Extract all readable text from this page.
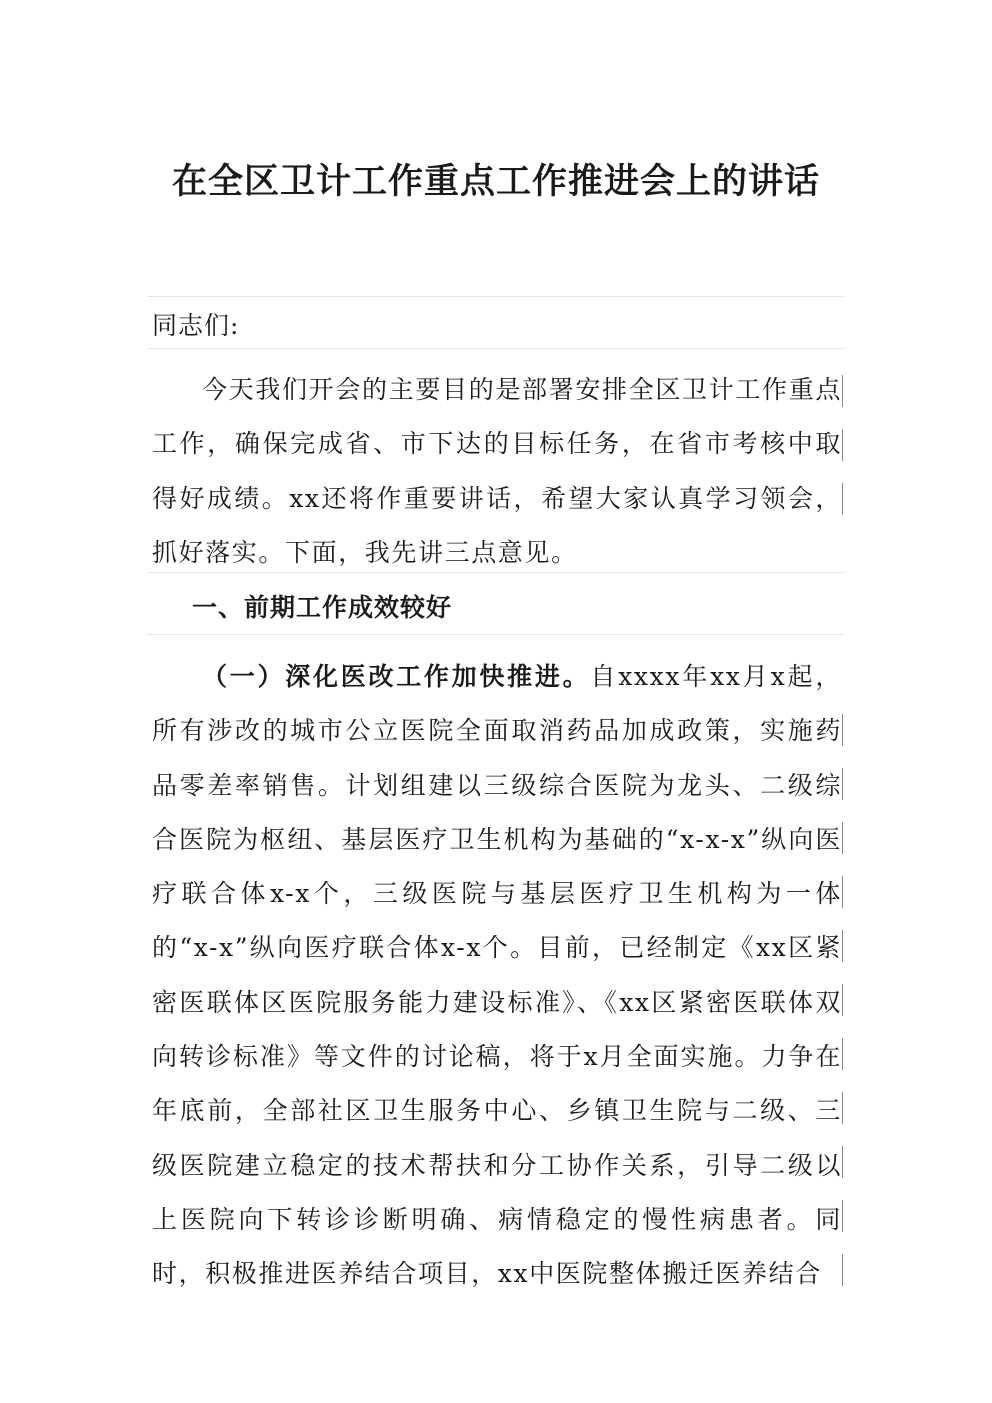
在全区卫计工作重点工作推进会上的讲话
同志们:

今天我们开会的主要目的是部署安排全区卫计工作重点工作，确保完成省、市下达的目标任务，在省市考核中取得好成绩。xx还将作重要讲话，希望大家认真学习领会，抓好落实。下面，我先讲三点意见。

一、前期工作成效较好

（一）深化医改工作加快推进。自xxxx年xx月x起，所有涉改的城市公立医院全面取消药品加成政策，实施药品零差率销售。计划组建以三级综合医院为龙头、二级综合医院为枢纽、基层医疗卫生机构为基础的“x-x-x”纵向医疗联合体x-x个，三级医院与基层医疗卫生机构为一体的“x-x”纵向医疗联合体x-x个。目前，已经制定《xx区紧密医联体区医院服务能力建设标准》、《xx区紧密医联体双向转诊标准》等文件的讨论稿，将于x月全面实施。力争在年底前，全部社区卫生服务中心、乡镇卫生院与二级、三级医院建立稳定的技术帮扶和分工协作关系，引导二级以上医院向下转诊诊断明确、病情稳定的慢性病患者。同时，积极推进医养结合项目，xx中医院整体搬迁医养结合
